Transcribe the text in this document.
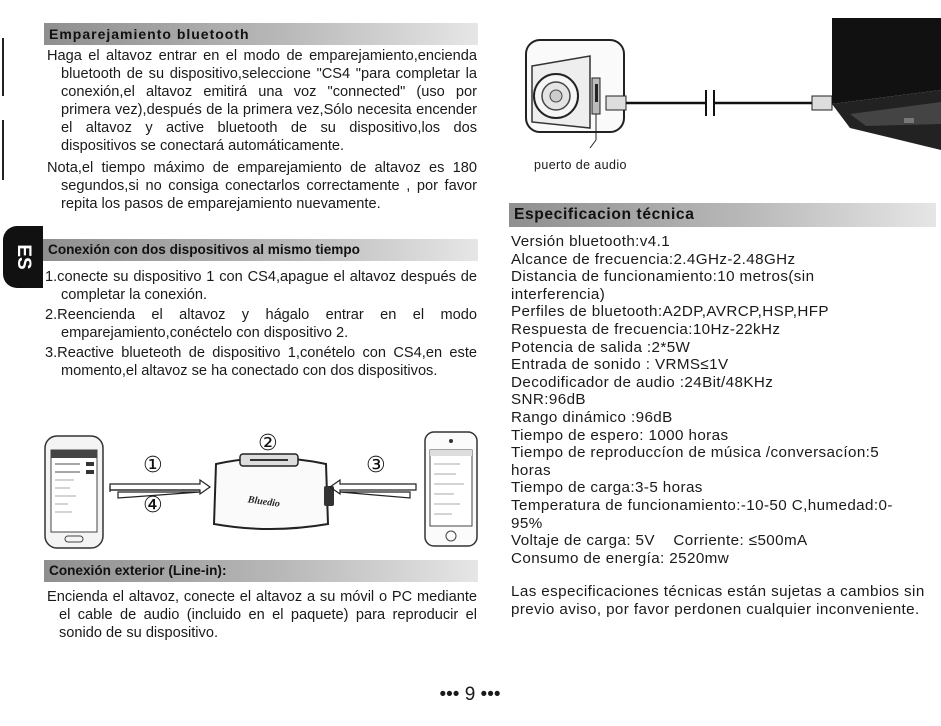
Emparejamiento bluetooth

Haga el altavoz entrar en el modo de emparejamiento,encienda bluetooth de su dispositivo,seleccione "CS4 "para completar la conexión,el altavoz emitirá una voz "connected" (uso por primera vez),después de la primera vez,Sólo necesita encender el altavoz y active bluetooth de su dispositivo,los dos dispositivos se conectará automáticamente.

Nota,el tiempo máximo de emparejamiento de altavoz es 180 segundos,si no consiga conectarlos correctamente , por favor repita los pasos de emparejamiento nuevamente.

ES	Conexión con dos dispositivos al mismo tiempo

1.conecte su dispositivo 1 con CS4,apague el altavoz después de completar la conexión.

2.Reencienda el altavoz y hágalo entrar en el modo emparejamiento,conéctelo con dispositivo 2.

3.Reactive blueteoth de dispositivo 1,conételo con CS4,en este momento,el altavoz se ha conectado con dos dispositivos.

①
④	Bluedio
②
③
Conexión exterior (Line-in):
Encienda el altavoz, conecte el altavoz a su móvil o PC mediante el cable de audio (incluido en el paquete) para reproducir el sonido de su dispositivo.
puerto de audio
Especificacion técnica
Versión bluetooth:v4.1
Alcance de frecuencia:2.4GHz-2.48GHz
Distancia de funcionamiento:10 metros(sin
interferencia)
Perfiles de bluetooth:A2DP,AVRCP,HSP,HFP
Respuesta de frecuencia:10Hz-22kHz
Potencia de salida :2*5W
Entrada de sonido : VRMS≤1V
Decodificador de audio :24Bit/48KHz
SNR:96dB
Rango dinámico :96dB
Tiempo de espero: 1000 horas
Tiempo de reproduccíon de música /conversacíon:5
horas
Tiempo de carga:3-5 horas
Temperatura de funcionamiento:-10-50 C,humedad:0-
95%
Voltaje de carga: 5V    Corriente: ≤500mA
Consumo de energía: 2520mw
Las especificaciones técnicas están sujetas a cambios sin previo aviso, por favor perdonen cualquier inconveniente.
••• 9 •••
